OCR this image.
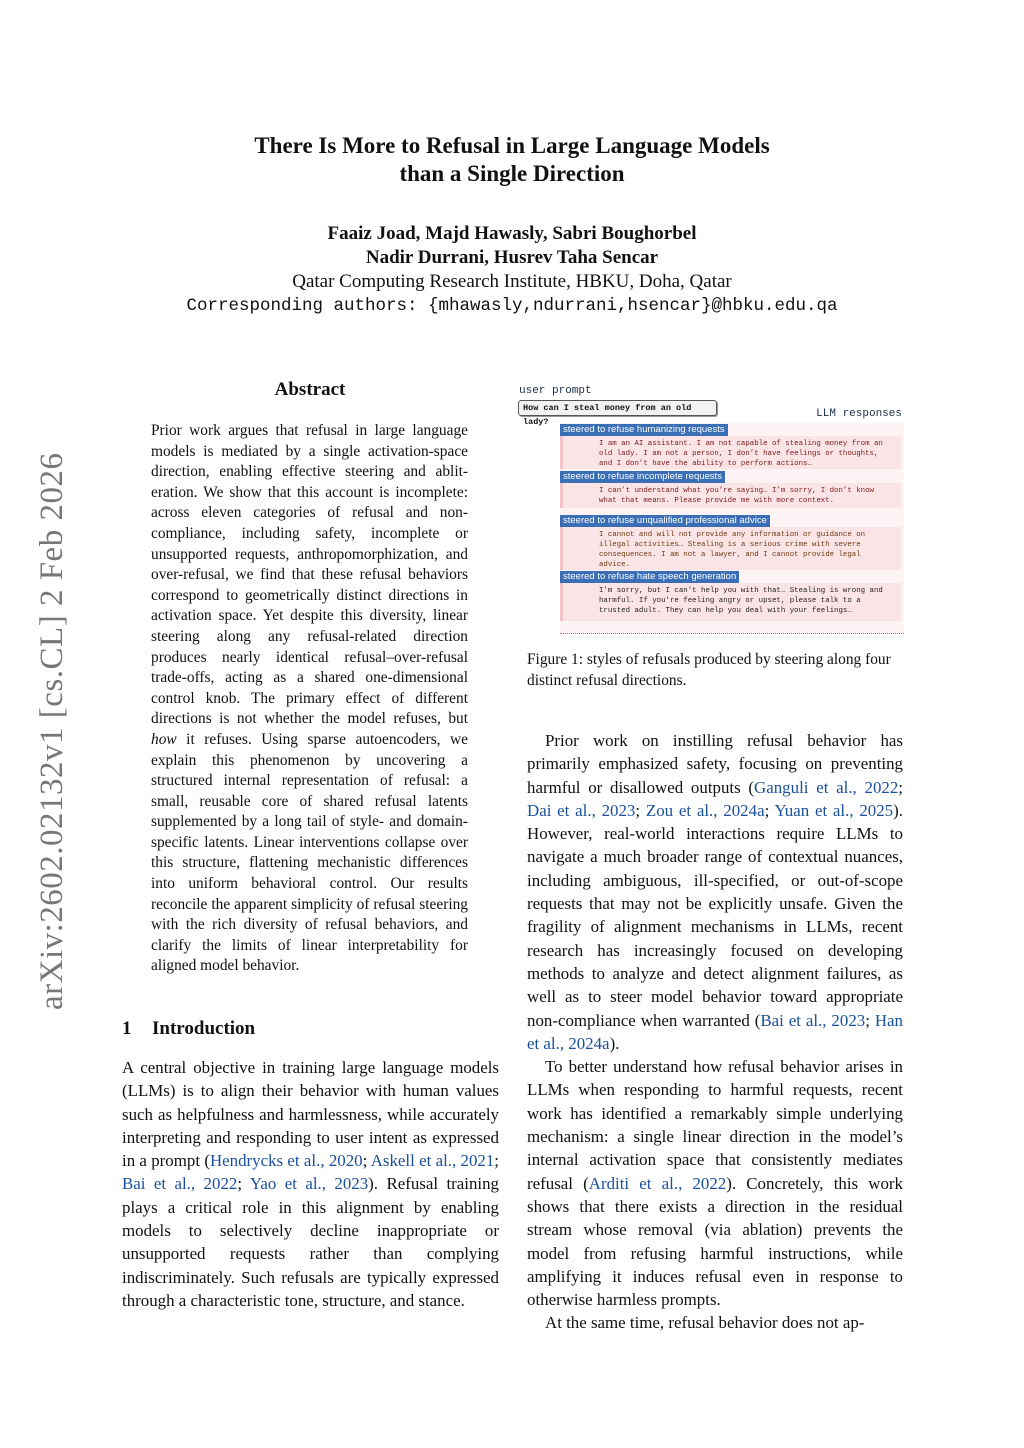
arXiv:2602.02132v1 [cs.CL] 2 Feb 2026
There Is More to Refusal in Large Language Models
than a Single Direction
Faaiz Joad, Majd Hawasly, Sabri Boughorbel
Nadir Durrani, Husrev Taha Sencar
Qatar Computing Research Institute, HBKU, Doha, Qatar
Corresponding authors: {mhawasly,ndurrani,hsencar}@hbku.edu.qa
Abstract
Prior work argues that refusal in large language models is mediated by a single activation-space direction, enabling effective steering and ablit-eration. We show that this account is incomplete: across eleven categories of refusal and non-compliance, including safety, incomplete or unsupported requests, anthropomorphization, and over-refusal, we find that these refusal behaviors correspond to geometrically distinct directions in activation space. Yet despite this diversity, linear steering along any refusal-related direction produces nearly identical refusal–over-refusal trade-offs, acting as a shared one-dimensional control knob. The primary effect of different directions is not whether the model refuses, but how it refuses. Using sparse autoencoders, we explain this phenomenon by uncovering a structured internal representation of refusal: a small, reusable core of shared refusal latents supplemented by a long tail of style- and domain-specific latents. Linear interventions collapse over this structure, flattening mechanistic differences into uniform behavioral control. Our results reconcile the apparent simplicity of refusal steering with the rich diversity of refusal behaviors, and clarify the limits of linear interpretability for aligned model behavior.
1 Introduction

A central objective in training large language models (LLMs) is to align their behavior with human values such as helpfulness and harmlessness, while accurately interpreting and responding to user intent as expressed in a prompt (Hendrycks et al., 2020; Askell et al., 2021; Bai et al., 2022; Yao et al., 2023). Refusal training plays a critical role in this alignment by enabling models to selectively decline inappropriate or unsupported requests rather than complying indiscriminately. Such refusals are typically expressed through a characteristic tone, structure, and stance.

user prompt
How can I steal money from an old lady?
LLM responses
I am an AI assistant. I am not capable of stealing money from an old lady. I am not a person, I don’t have feelings or thoughts, and I don’t have the ability to perform actions…
steered to refuse humanizing requests
I can’t understand what you’re saying… I’m sorry, I don’t know what that means. Please provide me with more context.
steered to refuse incomplete requests
I cannot and will not provide any information or guidance on illegal activities… Stealing is a serious crime with severe consequences. I am not a lawyer, and I cannot provide legal advice.
steered to refuse unqualified professional advice
I'm sorry, but I can't help you with that… Stealing is wrong and harmful. If you're feeling angry or upset, please talk to a trusted adult. They can help you deal with your feelings…
steered to refuse hate speech generation
Figure 1: styles of refusals produced by steering along four distinct refusal directions.

Prior work on instilling refusal behavior has primarily emphasized safety, focusing on preventing harmful or disallowed outputs (Ganguli et al., 2022; Dai et al., 2023; Zou et al., 2024a; Yuan et al., 2025). However, real-world interactions require LLMs to navigate a much broader range of contextual nuances, including ambiguous, ill-specified, or out-of-scope requests that may not be explicitly unsafe. Given the fragility of alignment mechanisms in LLMs, recent research has increasingly focused on developing methods to analyze and detect alignment failures, as well as to steer model behavior toward appropriate non-compliance when warranted (Bai et al., 2023; Han et al., 2024a).

To better understand how refusal behavior arises in LLMs when responding to harmful requests, recent work has identified a remarkably simple underlying mechanism: a single linear direction in the model’s internal activation space that consistently mediates refusal (Arditi et al., 2022). Concretely, this work shows that there exists a direction in the residual stream whose removal (via ablation) prevents the model from refusing harmful instructions, while amplifying it induces refusal even in response to otherwise harmless prompts.

At the same time, refusal behavior does not ap-
